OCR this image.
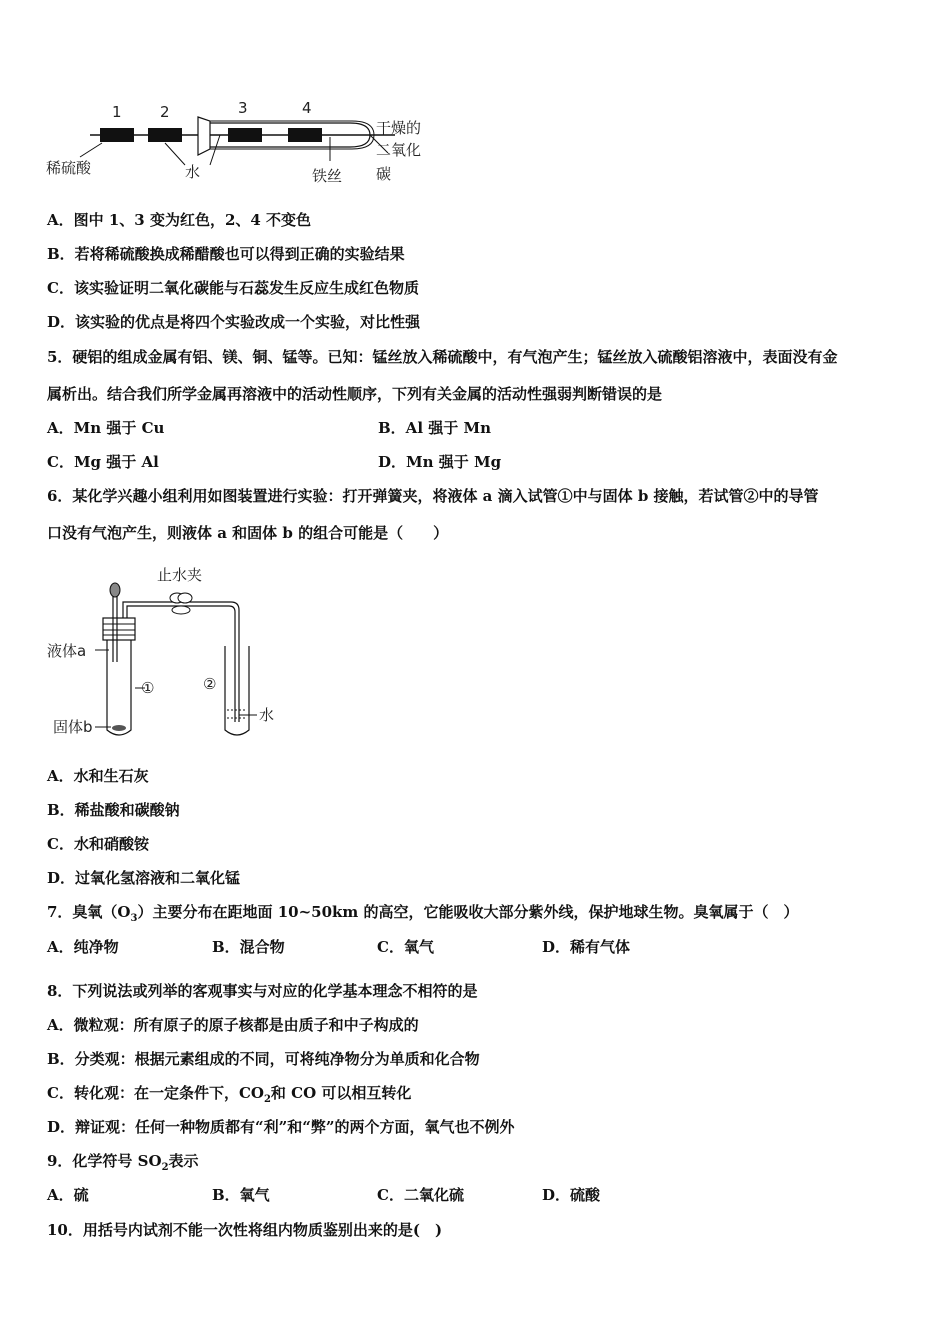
1	2	3	4
稀硫酸	水	铁丝
干燥的
二氧化
碳
A．图中 1、3 变为红色，2、4 不变色
B．若将稀硫酸换成稀醋酸也可以得到正确的实验结果
C．该实验证明二氧化碳能与石蕊发生反应生成红色物质
D．该实验的优点是将四个实验改成一个实验，对比性强
5．硬铝的组成金属有铝、镁、铜、锰等。已知：锰丝放入稀硫酸中，有气泡产生；锰丝放入硫酸铝溶液中，表面没有金
属析出。结合我们所学金属再溶液中的活动性顺序，下列有关金属的活动性强弱判断错误的是
A．Mn 强于 Cu	B．Al 强于 Mn
C．Mg 强于 Al	D．Mn 强于 Mg
6．某化学兴趣小组利用如图装置进行实验：打开弹簧夹，将液体 a 滴入试管①中与固体 b 接触，若试管②中的导管
口没有气泡产生，则液体 a 和固体 b 的组合可能是（　　）
止水夹
液体a
固体b
①	②
水
A．水和生石灰
B．稀盐酸和碳酸钠
C．水和硝酸铵
D．过氧化氢溶液和二氧化锰
7．臭氧$(O_3)$主要分布在距地面 10~50km 的高空，它能吸收大部分紫外线，保护地球生物。臭氧属于（　）
A．纯净物	B．混合物	C．氧气	D．稀有气体
8．下列说法或列举的客观事实与对应的化学基本理念不相符的是
A．微粒观：所有原子的原子核都是由质子和中子构成的
B．分类观：根据元素组成的不同，可将纯净物分为单质和化合物
C．转化观：在一定条件下，$CO_2$和 CO 可以相互转化
D．辩证观：任何一种物质都有“利”和“弊”的两个方面，氧气也不例外
9．化学符号 $SO_2$表示
A．硫	B．氧气	C．二氧化硫	D．硫酸
10．用括号内试剂不能一次性将组内物质鉴别出来的是(　)
